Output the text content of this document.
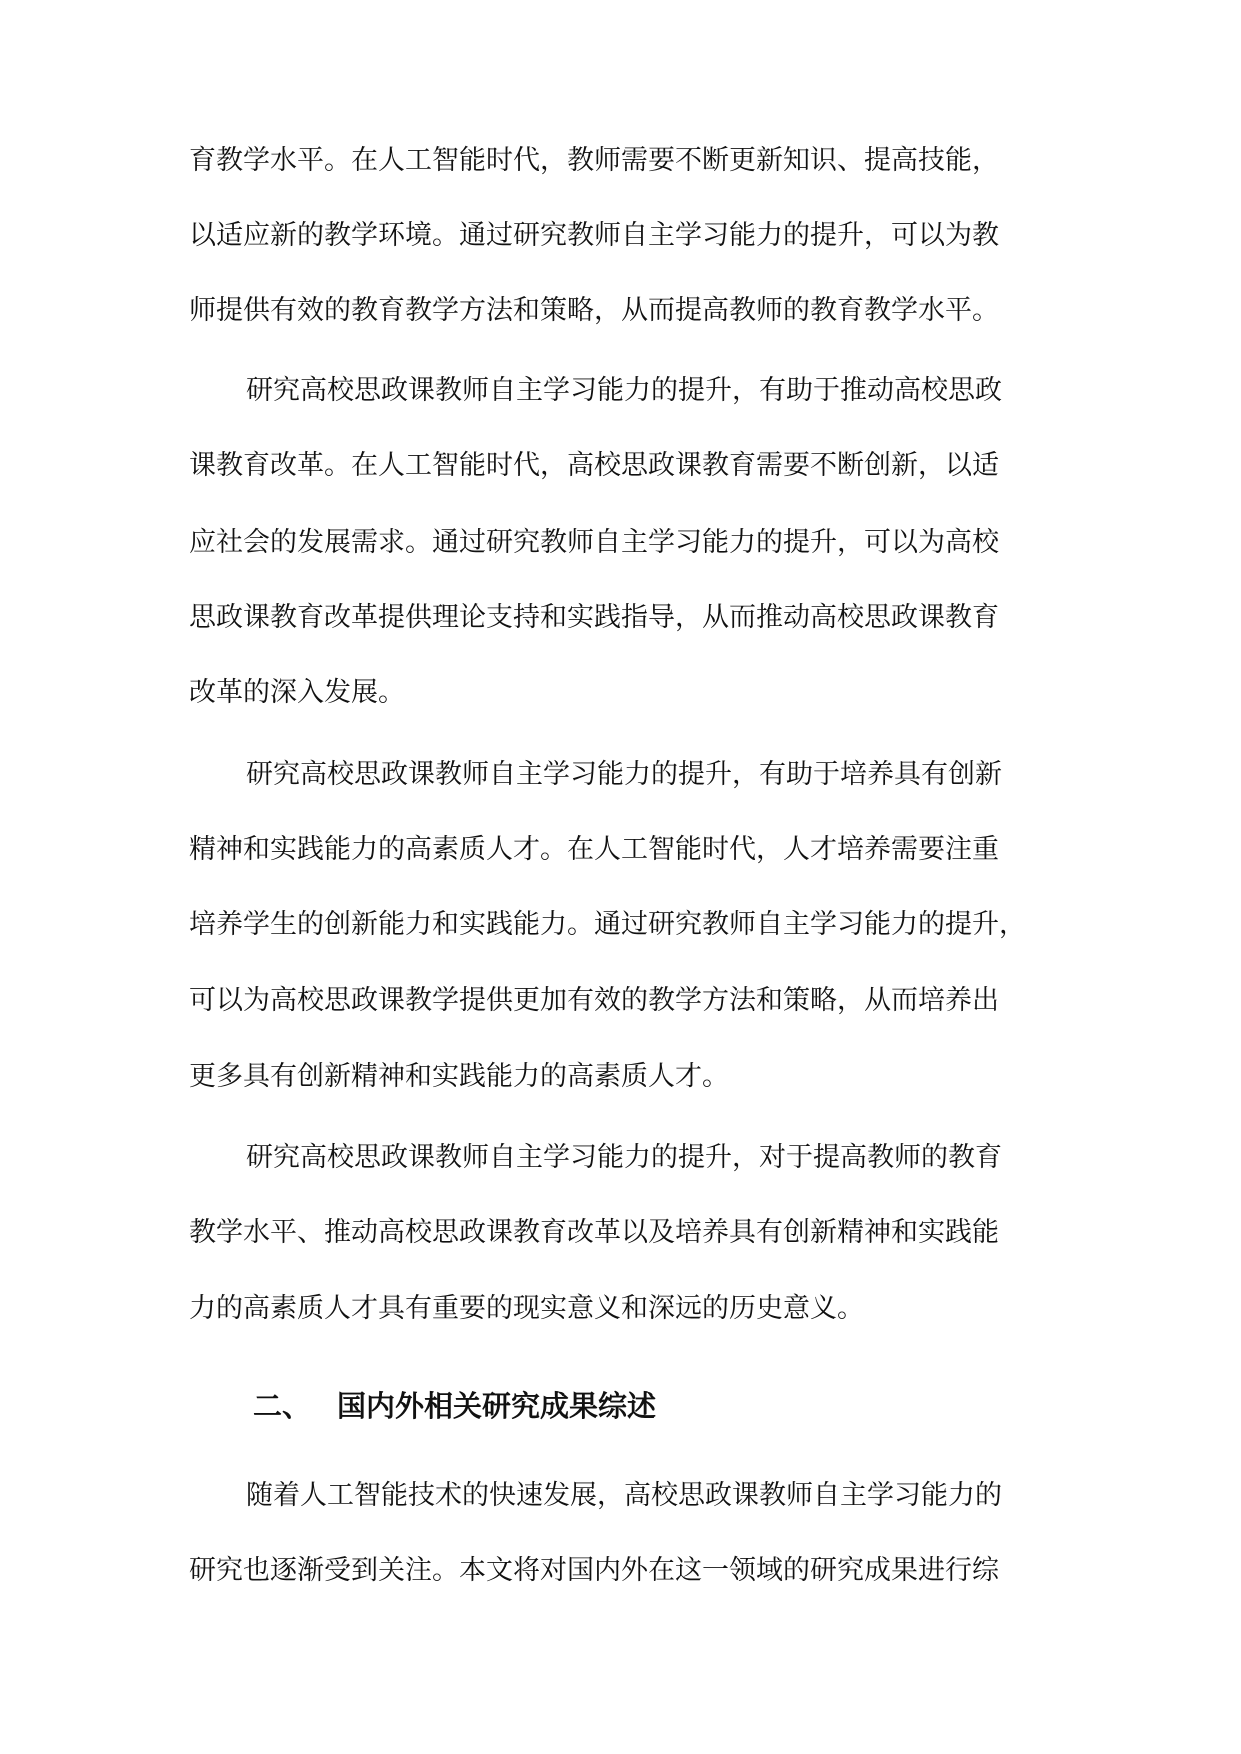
育教学水平。在人工智能时代，教师需要不断更新知识、提高技能，
以适应新的教学环境。通过研究教师自主学习能力的提升，可以为教
师提供有效的教育教学方法和策略，从而提高教师的教育教学水平。
研究高校思政课教师自主学习能力的提升，有助于推动高校思政
课教育改革。在人工智能时代，高校思政课教育需要不断创新，以适
应社会的发展需求。通过研究教师自主学习能力的提升，可以为高校
思政课教育改革提供理论支持和实践指导，从而推动高校思政课教育
改革的深入发展。
研究高校思政课教师自主学习能力的提升，有助于培养具有创新
精神和实践能力的高素质人才。在人工智能时代，人才培养需要注重
培养学生的创新能力和实践能力。通过研究教师自主学习能力的提升，
可以为高校思政课教学提供更加有效的教学方法和策略，从而培养出
更多具有创新精神和实践能力的高素质人才。
研究高校思政课教师自主学习能力的提升，对于提高教师的教育
教学水平、推动高校思政课教育改革以及培养具有创新精神和实践能
力的高素质人才具有重要的现实意义和深远的历史意义。
二、 国内外相关研究成果综述
随着人工智能技术的快速发展，高校思政课教师自主学习能力的
研究也逐渐受到关注。本文将对国内外在这一领域的研究成果进行综
